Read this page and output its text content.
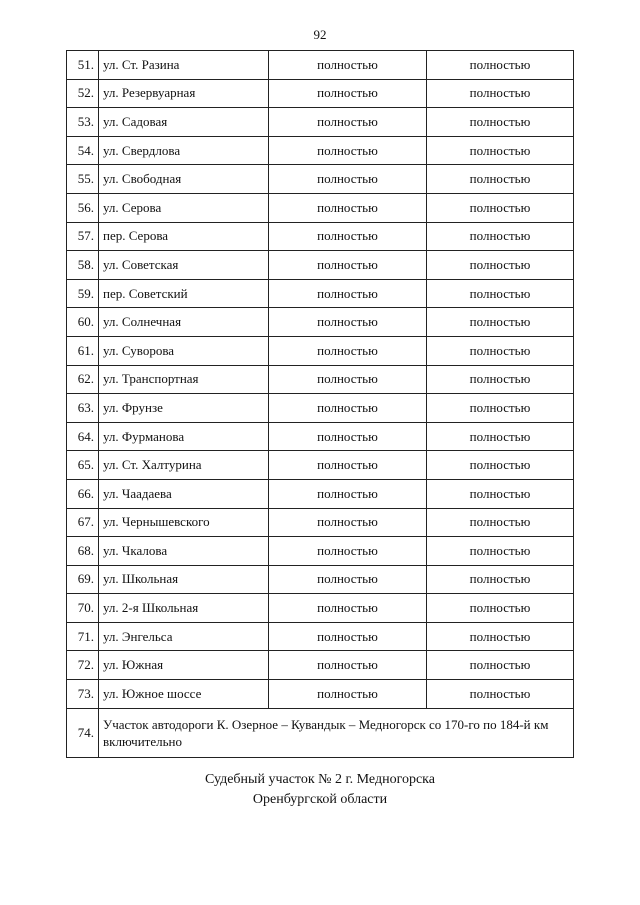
92
51.	ул. Ст. Разина	полностью	полностью
52.	ул. Резервуарная	полностью	полностью
53.	ул. Садовая	полностью	полностью
54.	ул. Свердлова	полностью	полностью
55.	ул. Свободная	полностью	полностью
56.	ул. Серова	полностью	полностью
57.	пер. Серова	полностью	полностью
58.	ул. Советская	полностью	полностью
59.	пер. Советский	полностью	полностью
60.	ул. Солнечная	полностью	полностью
61.	ул. Суворова	полностью	полностью
62.	ул. Транспортная	полностью	полностью
63.	ул. Фрунзе	полностью	полностью
64.	ул. Фурманова	полностью	полностью
65.	ул. Ст. Халтурина	полностью	полностью
66.	ул. Чаадаева	полностью	полностью
67.	ул. Чернышевского	полностью	полностью
68.	ул. Чкалова	полностью	полностью
69.	ул. Школьная	полностью	полностью
70.	ул. 2-я Школьная	полностью	полностью
71.	ул. Энгельса	полностью	полностью
72.	ул. Южная	полностью	полностью
73.	ул. Южное шоссе	полностью	полностью
74.	Участок автодороги К. Озерное – Кувандык – Медногорск со 170-го по 184-й км включительно		
Судебный участок № 2 г. Медногорска
Оренбургской области
